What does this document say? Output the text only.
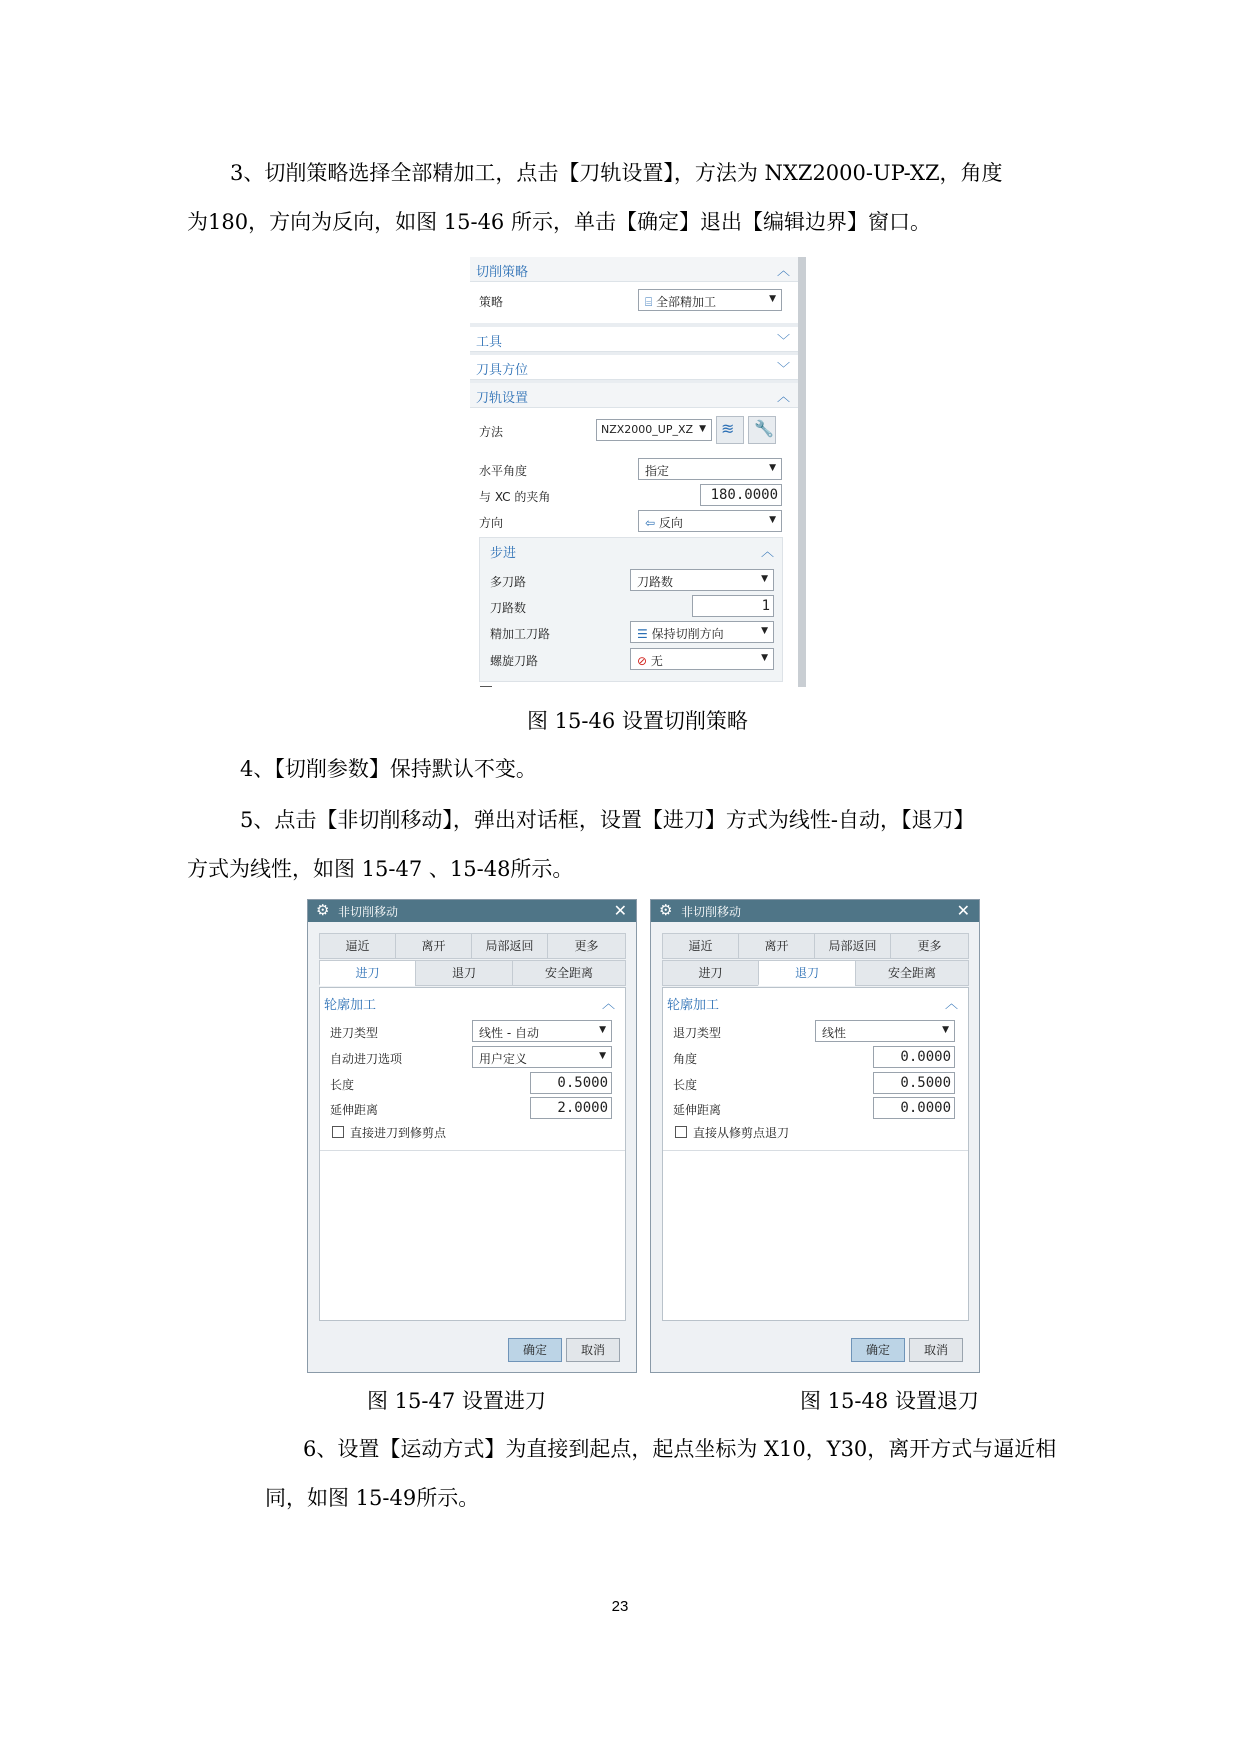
3、切削策略选择全部精加工，点击【刀轨设置】，方法为 NXZ2000-UP-XZ，角度
为180，方向为反向，如图 15-46 所示，单击【确定】退出【编辑边界】窗口。
切削策略	︿
策略	⌸ 全部精加工	▼
工具	﹀
刀具方位	﹀
刀轨设置	︿
方法	NZX2000_UP_XZ ▼ ≋ 🔧
水平角度	指定	▼
与 XC 的夹角	180.0000
方向	⇦ 反向	▼
步进	︿
多刀路	刀路数	▼
刀路数	1
精加工刀路	☰ 保持切削方向	▼
螺旋刀路	⊘ 无	▼
图 15-46 设置切削策略
4、【切削参数】保持默认不变。
5、点击【非切削移动】，弹出对话框，设置【进刀】方式为线性-自动，【退刀】
方式为线性，如图 15-47 、15-48所示。
⚙ 非切削移动	✕
逼近	离开	局部返回	更多
进刀	退刀	安全距离
轮廓加工	︿
进刀类型	线性 - 自动	▼
自动进刀选项	用户定义	▼
长度	0.5000
延伸距离	2.0000
直接进刀到修剪点
确定	取消
⚙ 非切削移动	✕
逼近	离开	局部返回	更多
进刀	退刀	安全距离
轮廓加工	︿
退刀类型	线性	▼
角度	0.0000
长度	0.5000
延伸距离	0.0000
直接从修剪点退刀
确定	取消
图 15-47 设置进刀	图 15-48 设置退刀
6、设置【运动方式】为直接到起点，起点坐标为 X10，Y30，离开方式与逼近相
同，如图 15-49所示。
23
